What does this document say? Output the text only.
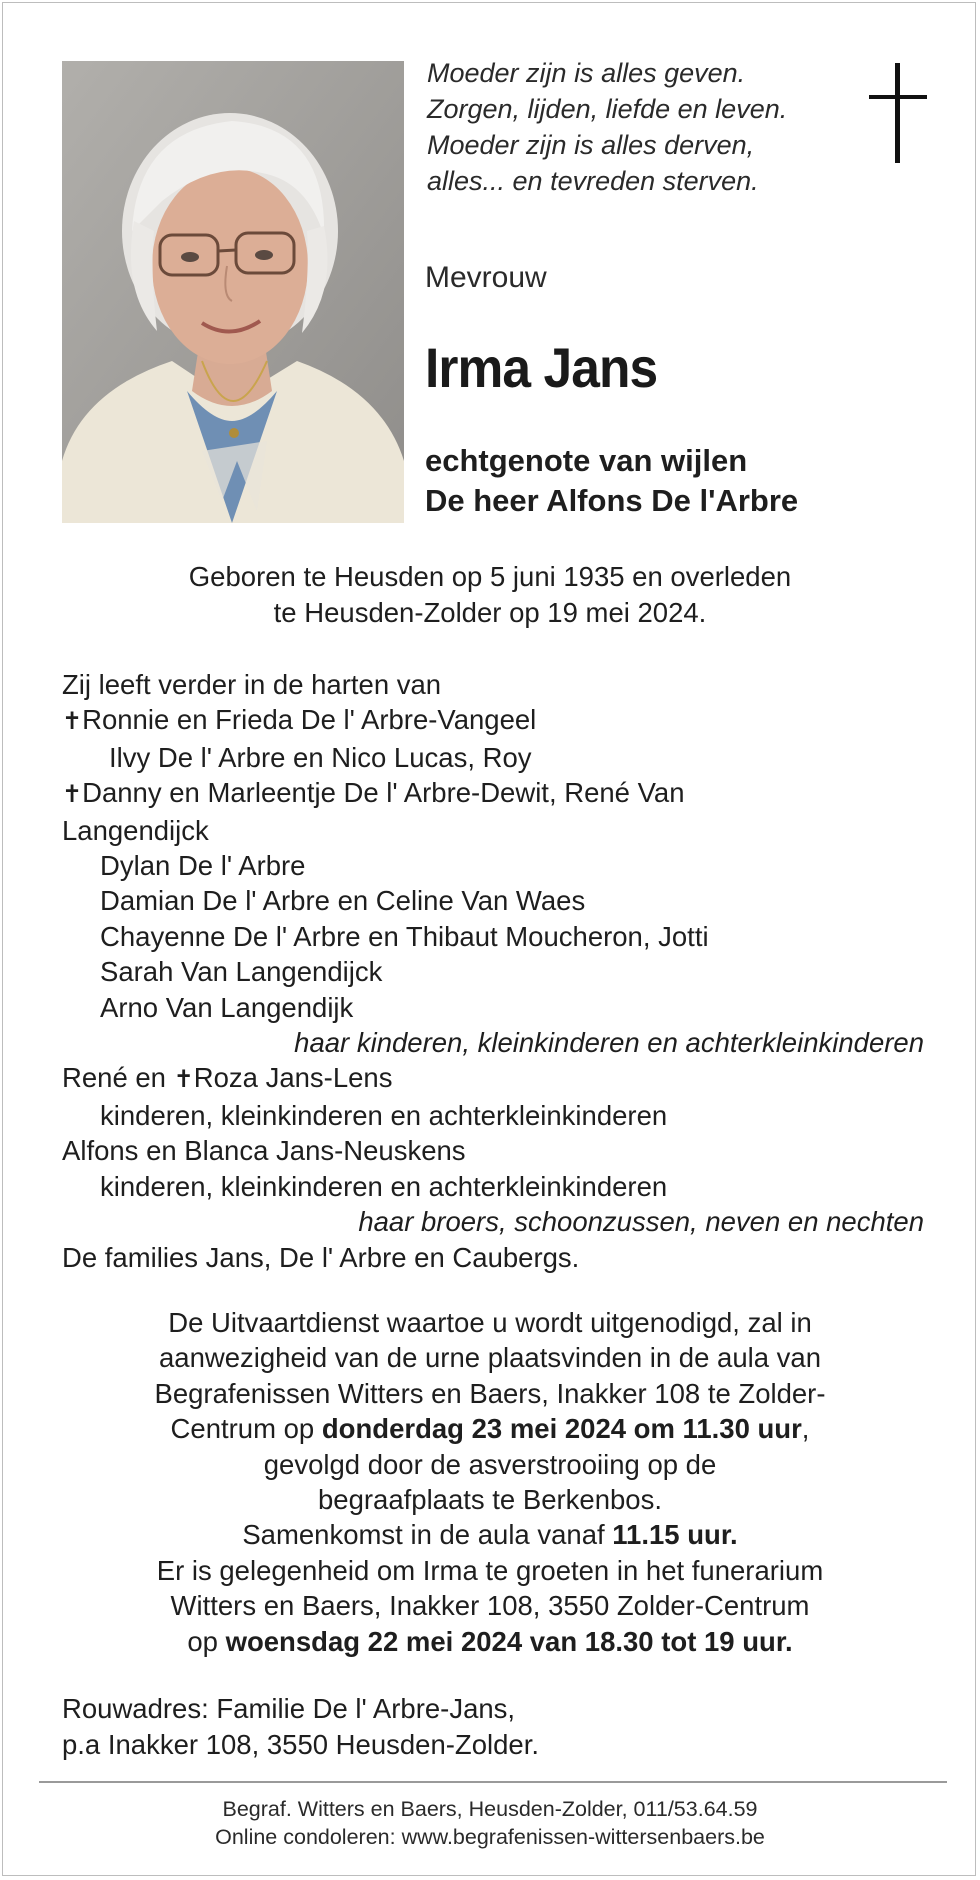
Moeder zijn is alles geven.
Zorgen, lijden, liefde en leven.
Moeder zijn is alles derven,
alles... en tevreden sterven.
Mevrouw
Irma Jans
echtgenote van wijlen
De heer Alfons De l'Arbre
Geboren te Heusden op 5 juni 1935 en overleden
te Heusden-Zolder op 19 mei 2024.
Zij leeft verder in de harten van
✝Ronnie en Frieda De l' Arbre-Vangeel
Ilvy De l' Arbre en Nico Lucas, Roy
✝Danny en Marleentje De l' Arbre-Dewit, René Van
Langendijck
Dylan De l' Arbre
Damian De l' Arbre en Celine Van Waes
Chayenne De l' Arbre en Thibaut Moucheron, Jotti
Sarah Van Langendijck
Arno Van Langendijk
haar kinderen, kleinkinderen en achterkleinkinderen
René en ✝Roza Jans-Lens
kinderen, kleinkinderen en achterkleinkinderen
Alfons en Blanca Jans-Neuskens
kinderen, kleinkinderen en achterkleinkinderen
haar broers, schoonzussen, neven en nechten
De families Jans, De l' Arbre en Caubergs.
De Uitvaartdienst waartoe u wordt uitgenodigd, zal in
aanwezigheid van de urne plaatsvinden in de aula van
Begrafenissen Witters en Baers, Inakker 108 te Zolder-
Centrum op donderdag 23 mei 2024 om 11.30 uur,
gevolgd door de asverstrooiing op de
begraafplaats te Berkenbos.
Samenkomst in de aula vanaf 11.15 uur.
Er is gelegenheid om Irma te groeten in het funerarium
Witters en Baers, Inakker 108, 3550 Zolder-Centrum
op woensdag 22 mei 2024 van 18.30 tot 19 uur.
Rouwadres: Familie De l' Arbre-Jans,
p.a Inakker 108, 3550 Heusden-Zolder.
Begraf. Witters en Baers, Heusden-Zolder, 011/53.64.59
Online condoleren: www.begrafenissen-wittersenbaers.be
